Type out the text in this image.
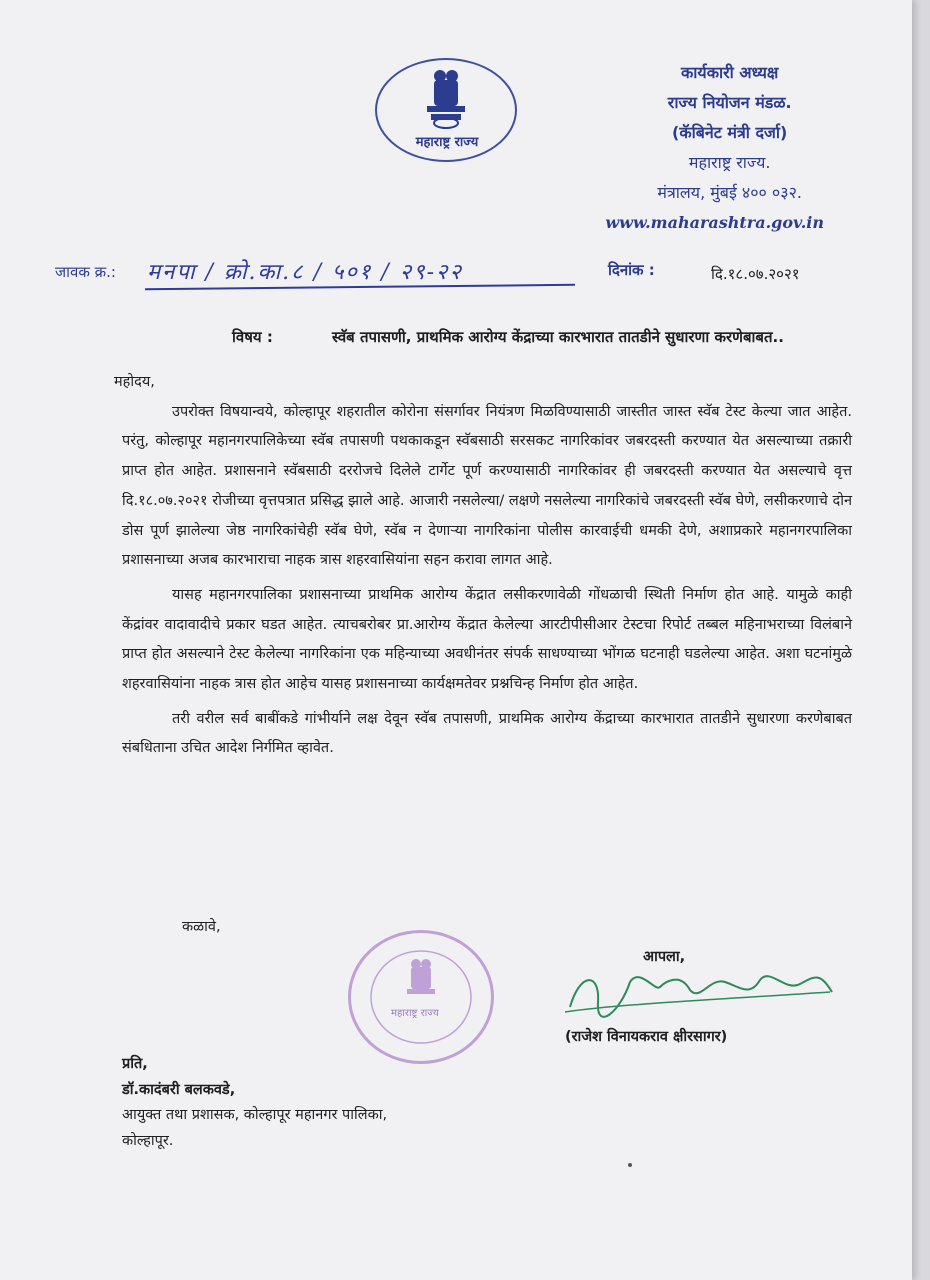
महाराष्ट्र राज्य
कार्यकारी अध्यक्ष
राज्य नियोजन मंडळ.
(कॅबिनेट मंत्री दर्जा)
महाराष्ट्र राज्य.
मंत्रालय, मुंबई ४०० ०३२.
www.maharashtra.gov.in
जावक क्र.: मनपा / क्रो.का.८ / ५०१ / २९-२२	दिनांक :	दि.१८.०७.२०२१
विषय :	स्वॅब तपासणी, प्राथमिक आरोग्य केंद्राच्या कारभारात तातडीने सुधारणा करणेबाबत..

महोदय,

उपरोक्त विषयान्वये, कोल्हापूर शहरातील कोरोना संसर्गावर नियंत्रण मिळविण्यासाठी जास्तीत जास्त स्वॅब टेस्ट केल्या जात आहेत. परंतु, कोल्हापूर महानगरपालिकेच्या स्वॅब तपासणी पथकाकडून स्वॅबसाठी सरसकट नागरिकांवर जबरदस्ती करण्यात येत असल्याच्या तक्रारी प्राप्त होत आहेत. प्रशासनाने स्वॅबसाठी दररोजचे दिलेले टार्गेट पूर्ण करण्यासाठी नागरिकांवर ही जबरदस्ती करण्यात येत असल्याचे वृत्त दि.१८.०७.२०२१ रोजीच्या वृत्तपत्रात प्रसिद्ध झाले आहे. आजारी नसलेल्या/ लक्षणे नसलेल्या नागरिकांचे जबरदस्ती स्वॅब घेणे, लसीकरणाचे दोन डोस पूर्ण झालेल्या जेष्ठ नागरिकांचेही स्वॅब घेणे, स्वॅब न देणाऱ्या नागरिकांना पोलीस कारवाईची धमकी देणे, अशाप्रकारे महानगरपालिका प्रशासनाच्या अजब कारभाराचा नाहक त्रास शहरवासियांना सहन करावा लागत आहे.

यासह महानगरपालिका प्रशासनाच्या प्राथमिक आरोग्य केंद्रात लसीकरणावेळी गोंधळाची स्थिती निर्माण होत आहे. यामुळे काही केंद्रांवर वादावादीचे प्रकार घडत आहेत. त्याचबरोबर प्रा.आरोग्य केंद्रात केलेल्या आरटीपीसीआर टेस्टचा रिपोर्ट तब्बल महिनाभराच्या विलंबाने प्राप्त होत असल्याने टेस्ट केलेल्या नागरिकांना एक महिन्याच्या अवधीनंतर संपर्क साधण्याच्या भोंगळ घटनाही घडलेल्या आहेत. अशा घटनांमुळे शहरवासियांना नाहक त्रास होत आहेच यासह प्रशासनाच्या कार्यक्षमतेवर प्रश्नचिन्ह निर्माण होत आहेत.

तरी वरील सर्व बाबींकडे गांभीर्याने लक्ष देवून स्वॅब तपासणी, प्राथमिक आरोग्य केंद्राच्या कारभारात तातडीने सुधारणा करणेबाबत संबधिताना उचित आदेश निर्गमित व्हावेत.

कळावे,
महाराष्ट्र राज्य
आपला,
(राजेश विनायकराव क्षीरसागर)
प्रति,
डॉ.कादंबरी बलकवडे,
आयुक्त तथा प्रशासक, कोल्हापूर महानगर पालिका,
कोल्हापूर.
